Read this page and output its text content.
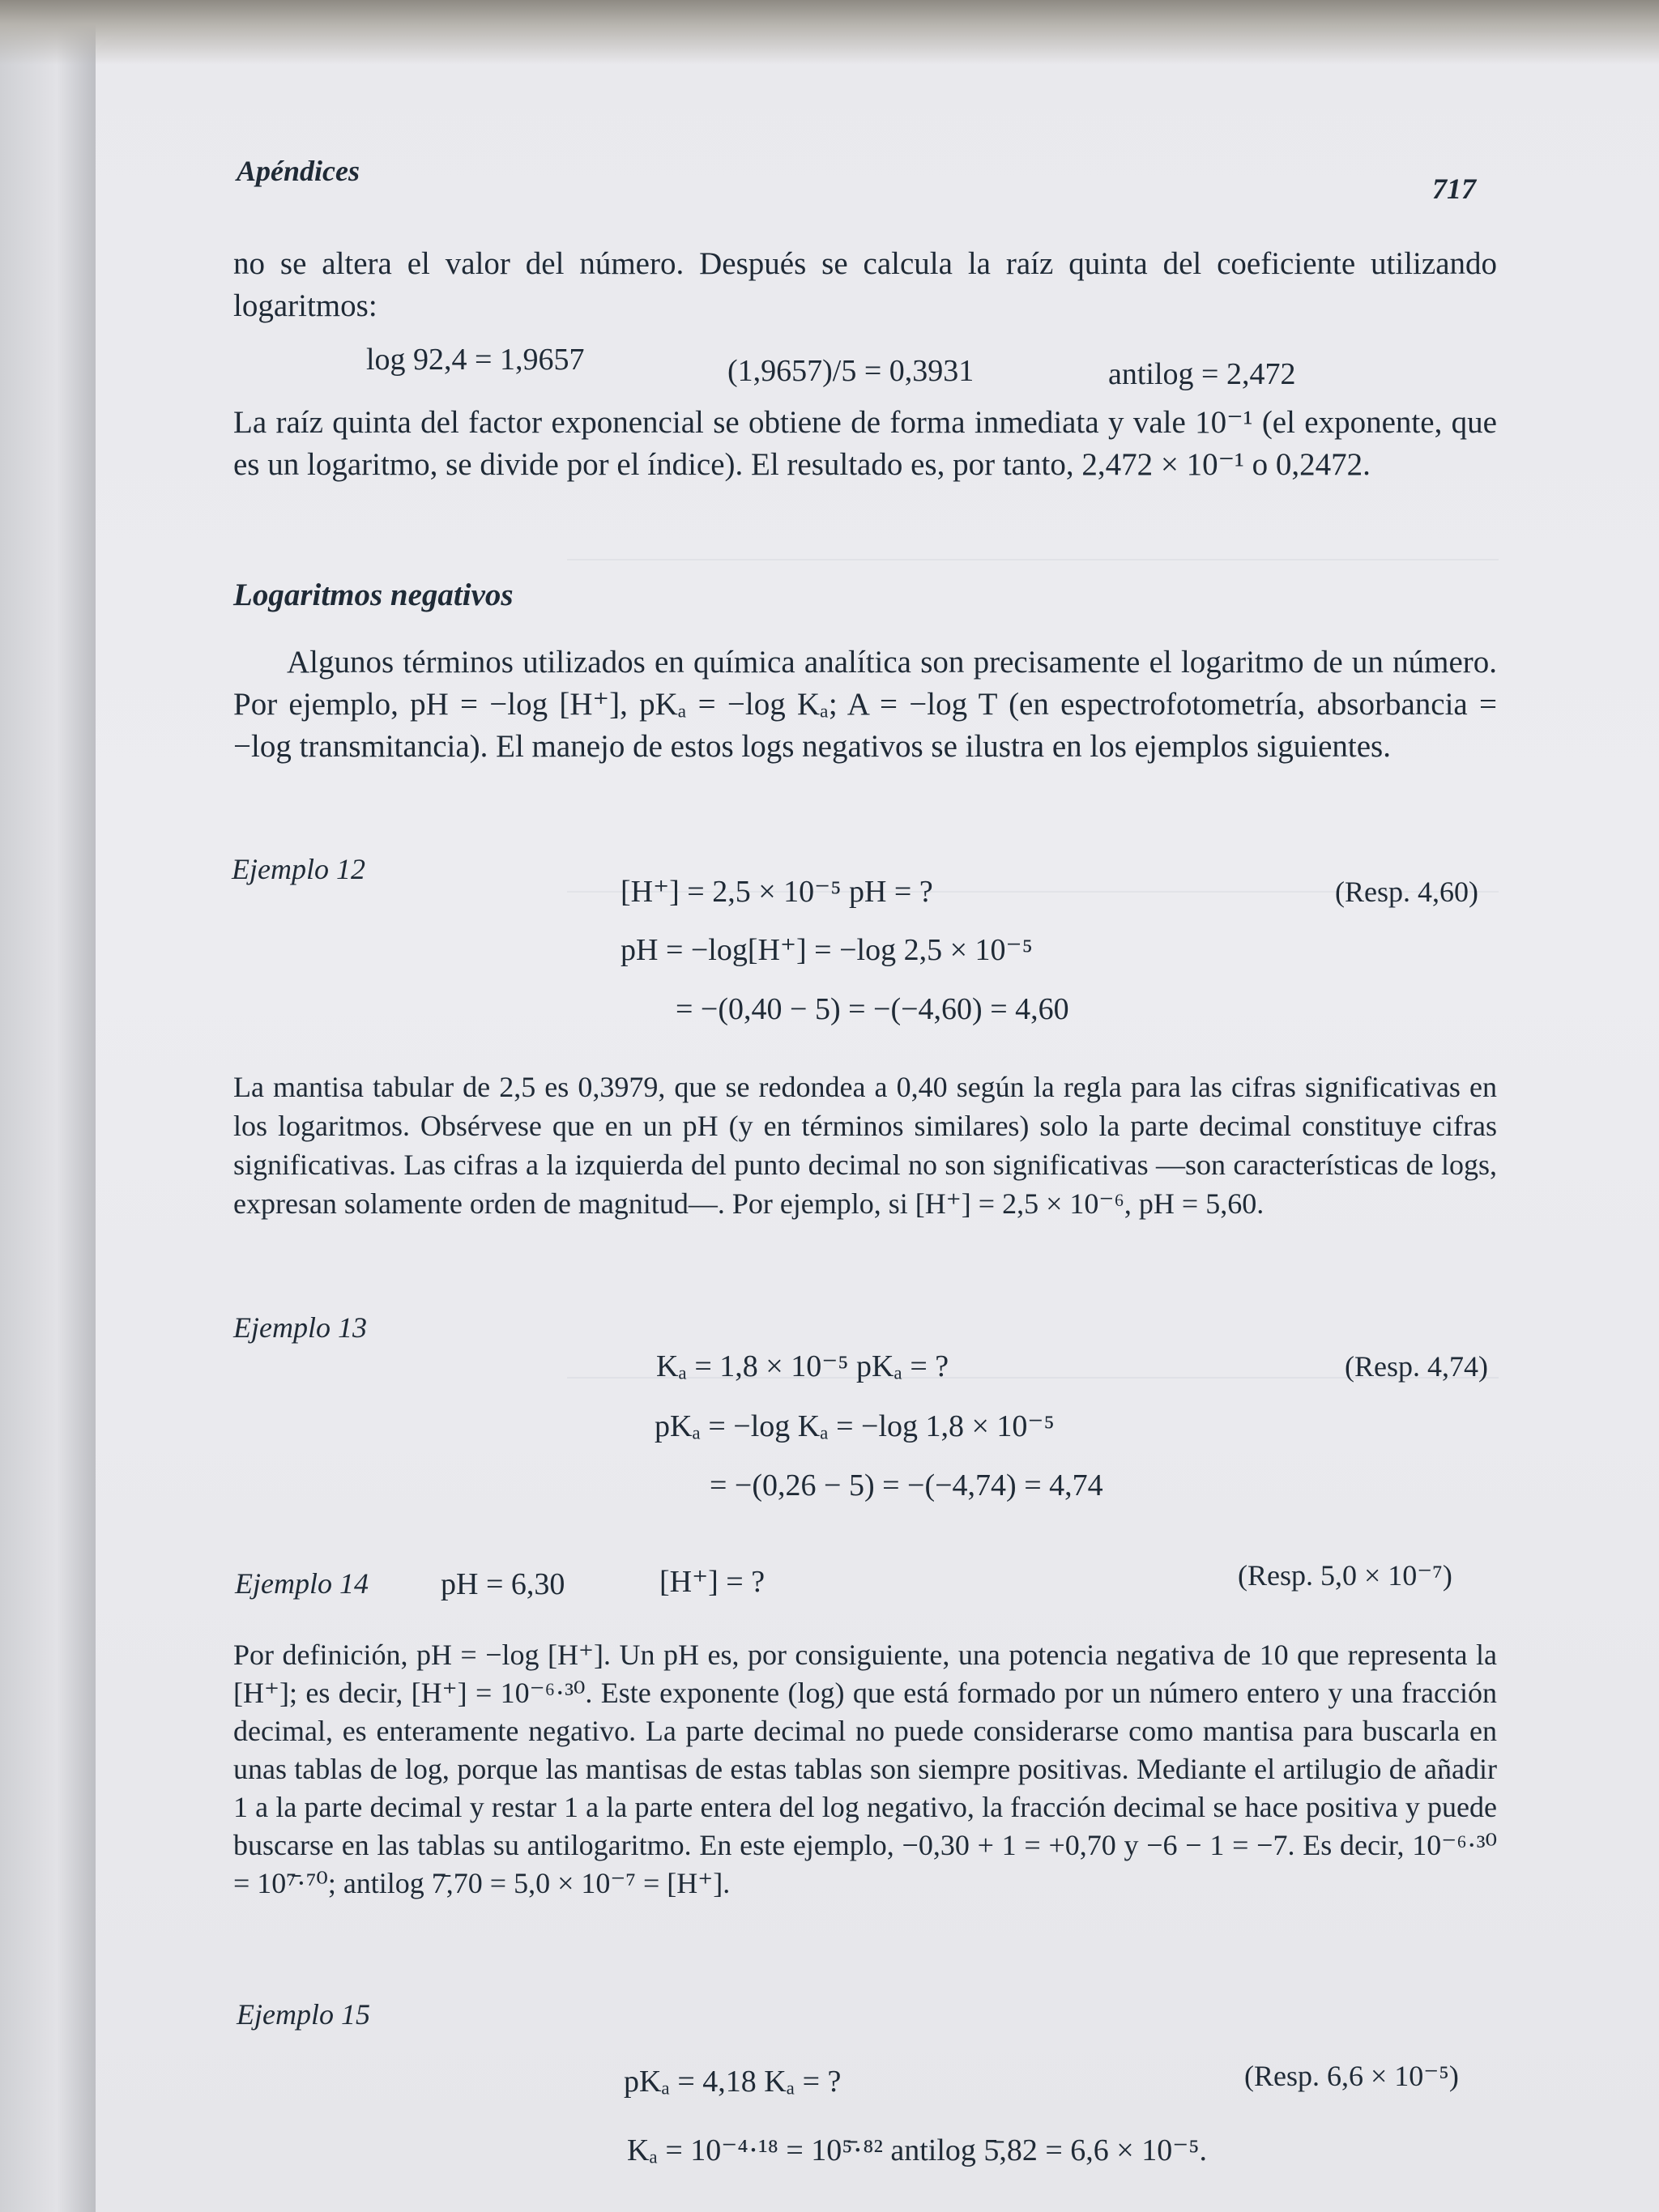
Apéndices
717
no se altera el valor del número. Después se calcula la raíz quinta del coeficiente utilizando logaritmos:
log 92,4 = 1,9657	(1,9657)/5 = 0,3931	antilog = 2,472
La raíz quinta del factor exponencial se obtiene de forma inmediata y vale 10⁻¹ (el exponente, que es un logaritmo, se divide por el índice). El resultado es, por tanto, 2,472 × 10⁻¹ o 0,2472.
Logaritmos negativos
Algunos términos utilizados en química analítica son precisamente el logaritmo de un número. Por ejemplo, pH = −log [H⁺], pKₐ = −log Kₐ; A = −log T (en espectrofotometría, absorbancia = −log transmitancia). El manejo de estos logs negativos se ilustra en los ejemplos siguientes.
Ejemplo 12
[H⁺] = 2,5 × 10⁻⁵ pH = ?	(Resp. 4,60)
pH = −log[H⁺] = −log 2,5 × 10⁻⁵
= −(0,40 − 5) = −(−4,60) = 4,60
La mantisa tabular de 2,5 es 0,3979, que se redondea a 0,40 según la regla para las cifras significativas en los logaritmos. Obsérvese que en un pH (y en términos similares) solo la parte decimal constituye cifras significativas. Las cifras a la izquierda del punto decimal no son significativas —son características de logs, expresan solamente orden de magnitud—. Por ejemplo, si [H⁺] = 2,5 × 10⁻⁶, pH = 5,60.
Ejemplo 13
Kₐ = 1,8 × 10⁻⁵ pKₐ = ?	(Resp. 4,74)
pKₐ = −log Kₐ = −log 1,8 × 10⁻⁵
= −(0,26 − 5) = −(−4,74) = 4,74
Ejemplo 14 pH = 6,30	[H⁺] = ?	(Resp. 5,0 × 10⁻⁷)
Por definición, pH = −log [H⁺]. Un pH es, por consiguiente, una potencia negativa de 10 que representa la [H⁺]; es decir, [H⁺] = 10⁻⁶·³⁰. Este exponente (log) que está formado por un número entero y una fracción decimal, es enteramente negativo. La parte decimal no puede considerarse como mantisa para buscarla en unas tablas de log, porque las mantisas de estas tablas son siempre positivas. Mediante el artilugio de añadir 1 a la parte decimal y restar 1 a la parte entera del log negativo, la fracción decimal se hace positiva y puede buscarse en las tablas su antilogaritmo. En este ejemplo, −0,30 + 1 = +0,70 y −6 − 1 = −7. Es decir, 10⁻⁶·³⁰ = 10⁷̄·⁷⁰; antilog 7̄,70 = 5,0 × 10⁻⁷ = [H⁺].
Ejemplo 15
pKₐ = 4,18 Kₐ = ?	(Resp. 6,6 × 10⁻⁵)
Kₐ = 10⁻⁴·¹⁸ = 10⁵̄·⁸² antilog 5̄,82 = 6,6 × 10⁻⁵.
